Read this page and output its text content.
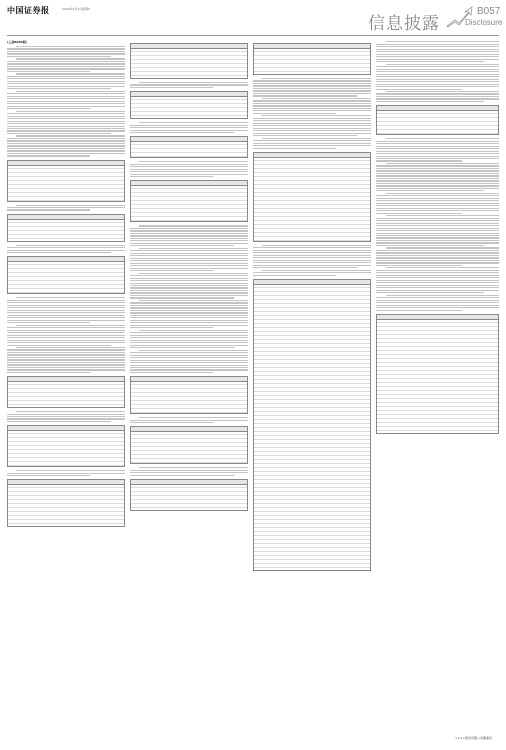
中国证券报	2020年X月X日 星期X
信息披露
B057
Disclosure
(上接B056版)
××××股份有限公司董事会
